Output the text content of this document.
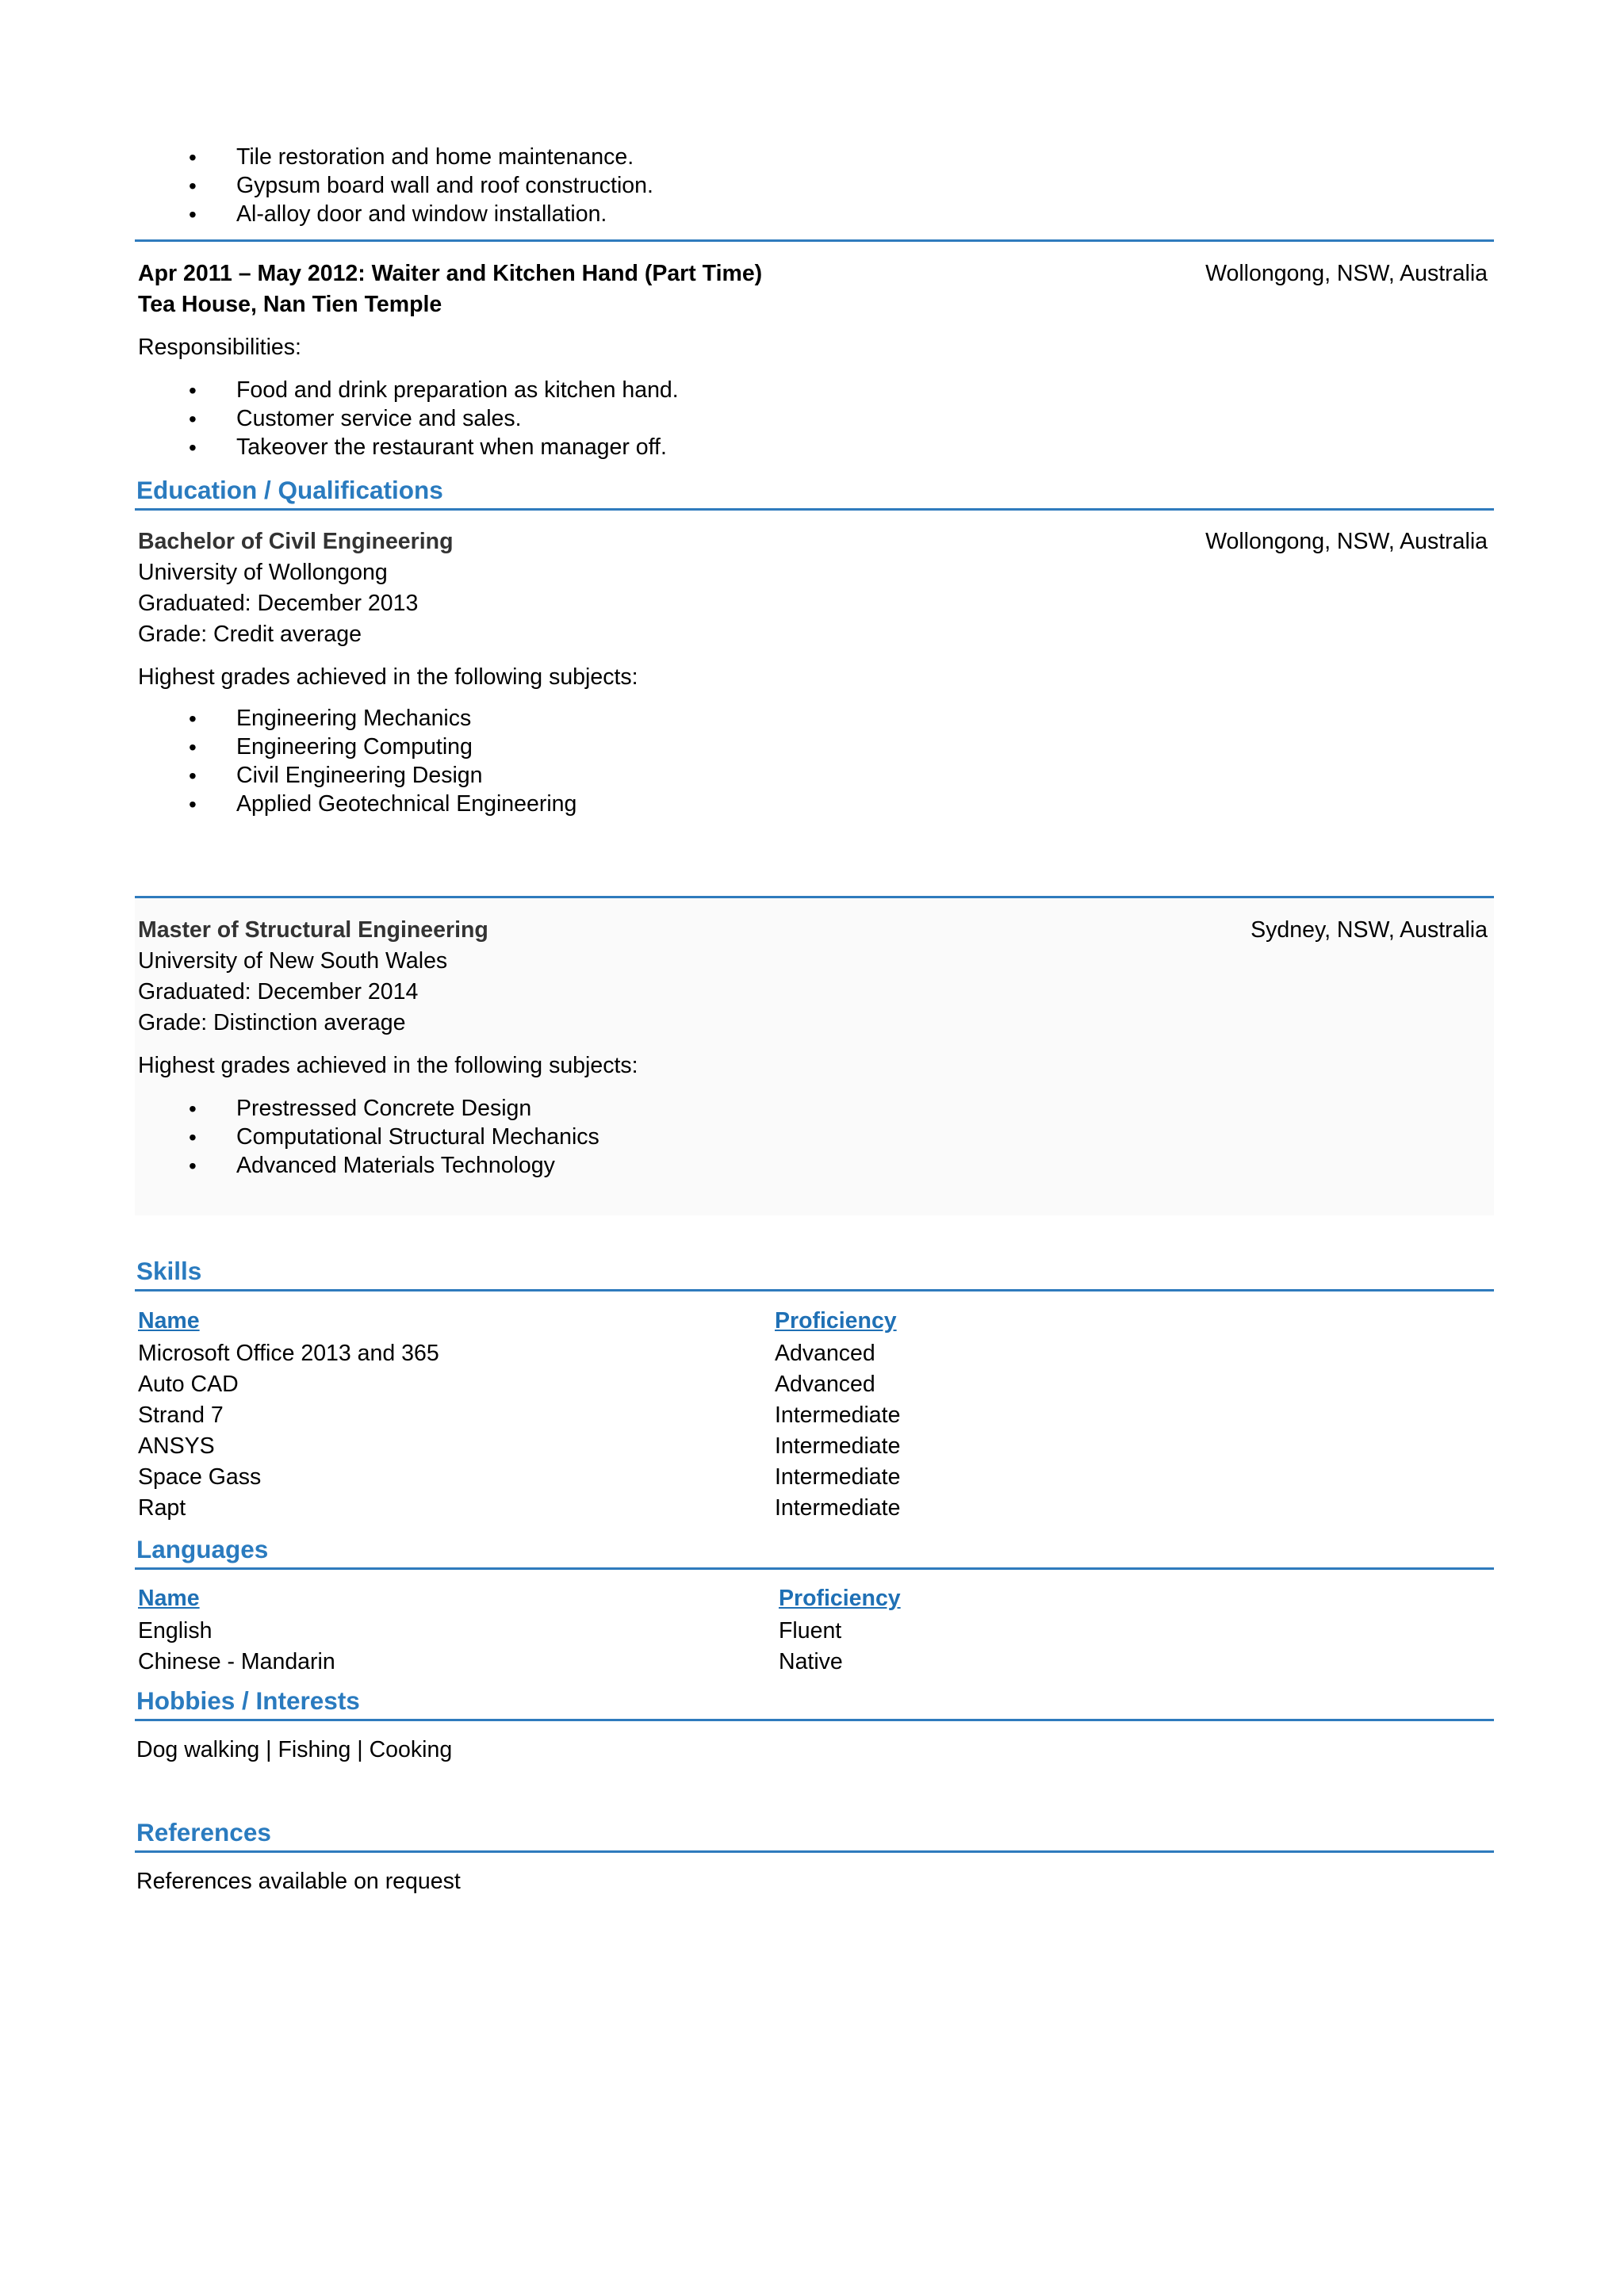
• Tile restoration and home maintenance.
• Gypsum board wall and roof construction.
• Al-alloy door and window installation.
Apr 2011 – May 2012: Waiter and Kitchen Hand (Part Time)	Wollongong, NSW, Australia
Tea House, Nan Tien Temple
Responsibilities:
• Food and drink preparation as kitchen hand.
• Customer service and sales.
• Takeover the restaurant when manager off.
Education / Qualifications
Bachelor of Civil Engineering	Wollongong, NSW, Australia
University of Wollongong
Graduated: December 2013
Grade: Credit average
Highest grades achieved in the following subjects:
• Engineering Mechanics
• Engineering Computing
• Civil Engineering Design
• Applied Geotechnical Engineering
Master of Structural Engineering	Sydney, NSW, Australia
University of New South Wales
Graduated: December 2014
Grade: Distinction average
Highest grades achieved in the following subjects:
• Prestressed Concrete Design
• Computational Structural Mechanics
• Advanced Materials Technology
Skills
Name	Proficiency
Microsoft Office 2013 and 365	Advanced
Auto CAD	Advanced
Strand 7	Intermediate
ANSYS	Intermediate
Space Gass	Intermediate
Rapt	Intermediate
Languages
Name	Proficiency
English	Fluent
Chinese - Mandarin	Native
Hobbies / Interests
Dog walking | Fishing | Cooking
References
References available on request
